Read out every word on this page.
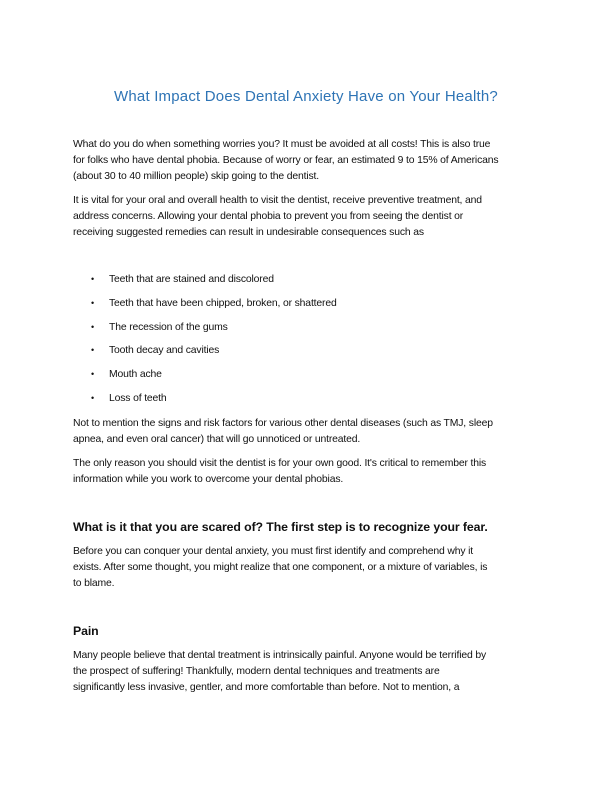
What Impact Does Dental Anxiety Have on Your Health?
What do you do when something worries you? It must be avoided at all costs! This is also true
for folks who have dental phobia. Because of worry or fear, an estimated 9 to 15% of Americans
(about 30 to 40 million people) skip going to the dentist.
It is vital for your oral and overall health to visit the dentist, receive preventive treatment, and
address concerns. Allowing your dental phobia to prevent you from seeing the dentist or
receiving suggested remedies can result in undesirable consequences such as
• Teeth that are stained and discolored
• Teeth that have been chipped, broken, or shattered
• The recession of the gums
• Tooth decay and cavities
• Mouth ache
• Loss of teeth
Not to mention the signs and risk factors for various other dental diseases (such as TMJ, sleep
apnea, and even oral cancer) that will go unnoticed or untreated.
The only reason you should visit the dentist is for your own good. It's critical to remember this
information while you work to overcome your dental phobias.
What is it that you are scared of? The first step is to recognize your fear.
Before you can conquer your dental anxiety, you must first identify and comprehend why it
exists. After some thought, you might realize that one component, or a mixture of variables, is
to blame.
Pain
Many people believe that dental treatment is intrinsically painful. Anyone would be terrified by
the prospect of suffering! Thankfully, modern dental techniques and treatments are
significantly less invasive, gentler, and more comfortable than before. Not to mention, a
